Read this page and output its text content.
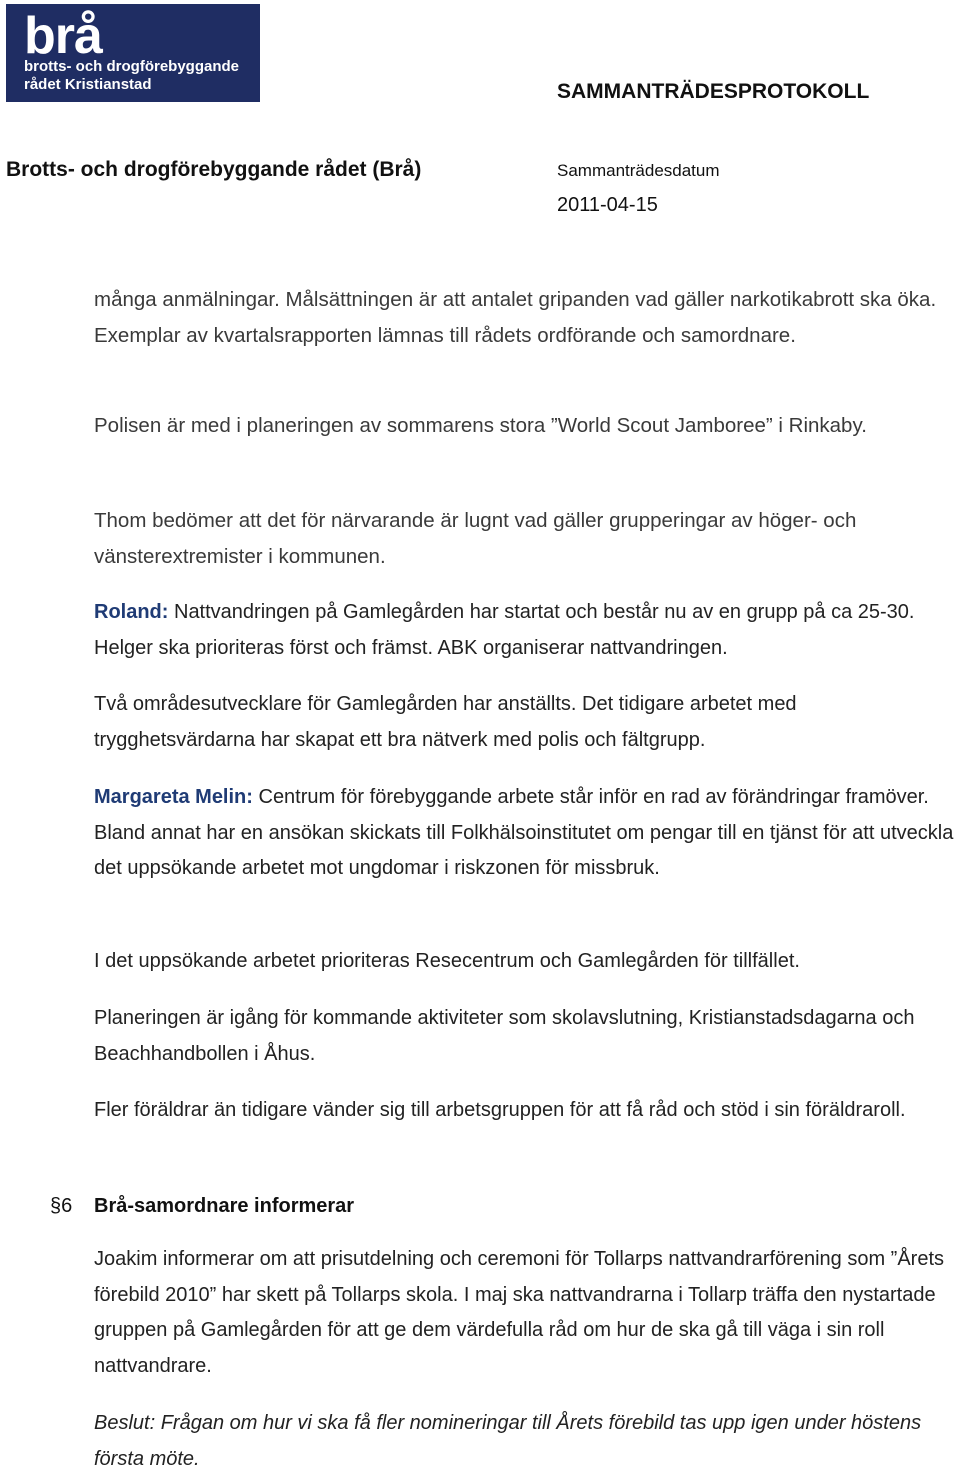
brå
brotts- och drogförebyggande
rådet Kristianstad	SAMMANTRÄDESPROTOKOLL
Brotts- och drogförebyggande rådet (Brå)	Sammanträdesdatum
2011-04-15

många anmälningar. Målsättningen är att antalet gripanden vad gäller narkotikabrott ska öka. Exemplar av kvartalsrapporten lämnas till rådets ordförande och samordnare.

Polisen är med i planeringen av sommarens stora ”World Scout Jamboree” i Rinkaby.

Thom bedömer att det för närvarande är lugnt vad gäller grupperingar av höger- och vänsterextremister i kommunen.

Roland: Nattvandringen på Gamlegården har startat och består nu av en grupp på ca 25-30. Helger ska prioriteras först och främst. ABK organiserar nattvandringen.

Två områdesutvecklare för Gamlegården har anställts. Det tidigare arbetet med trygghetsvärdarna har skapat ett bra nätverk med polis och fältgrupp.

Margareta Melin: Centrum för förebyggande arbete står inför en rad av förändringar framöver. Bland annat har en ansökan skickats till Folkhälsoinstitutet om pengar till en tjänst för att utveckla det uppsökande arbetet mot ungdomar i riskzonen för missbruk.

I det uppsökande arbetet prioriteras Resecentrum och Gamlegården för tillfället.

Planeringen är igång för kommande aktiviteter som skolavslutning, Kristianstadsdagarna och Beachhandbollen i Åhus.

Fler föräldrar än tidigare vänder sig till arbetsgruppen för att få råd och stöd i sin föräldraroll.

§6 Brå-samordnare informerar

Joakim informerar om att prisutdelning och ceremoni för Tollarps nattvandrarförening som ”Årets förebild 2010” har skett på Tollarps skola. I maj ska nattvandrarna i Tollarp träffa den nystartade gruppen på Gamlegården för att ge dem värdefulla råd om hur de ska gå till väga i sin roll nattvandrare.

Beslut: Frågan om hur vi ska få fler nomineringar till Årets förebild tas upp igen under höstens första möte.
